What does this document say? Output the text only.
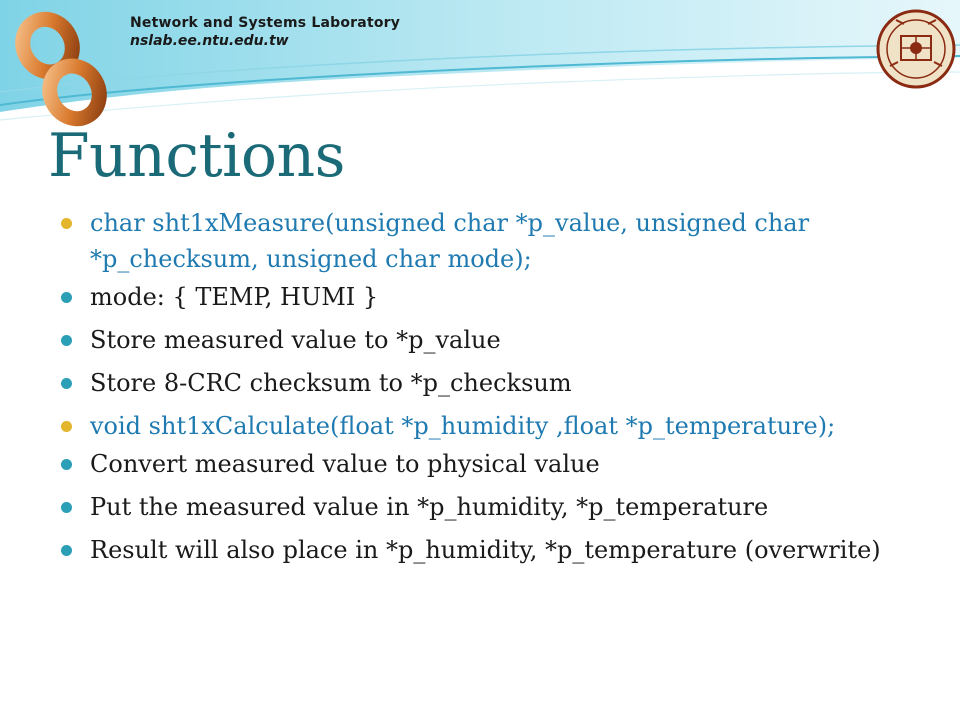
Network and Systems Laboratory
nslab.ee.ntu.edu.tw
Functions
char sht1xMeasure(unsigned char *p_value, unsigned char *p_checksum, unsigned char mode);
mode: { TEMP, HUMI }
Store measured value to *p_value
Store 8-CRC checksum to *p_checksum
void sht1xCalculate(float *p_humidity ,float *p_temperature);
Convert measured value to physical value
Put the measured value in *p_humidity, *p_temperature
Result will also place in *p_humidity, *p_temperature (overwrite)
